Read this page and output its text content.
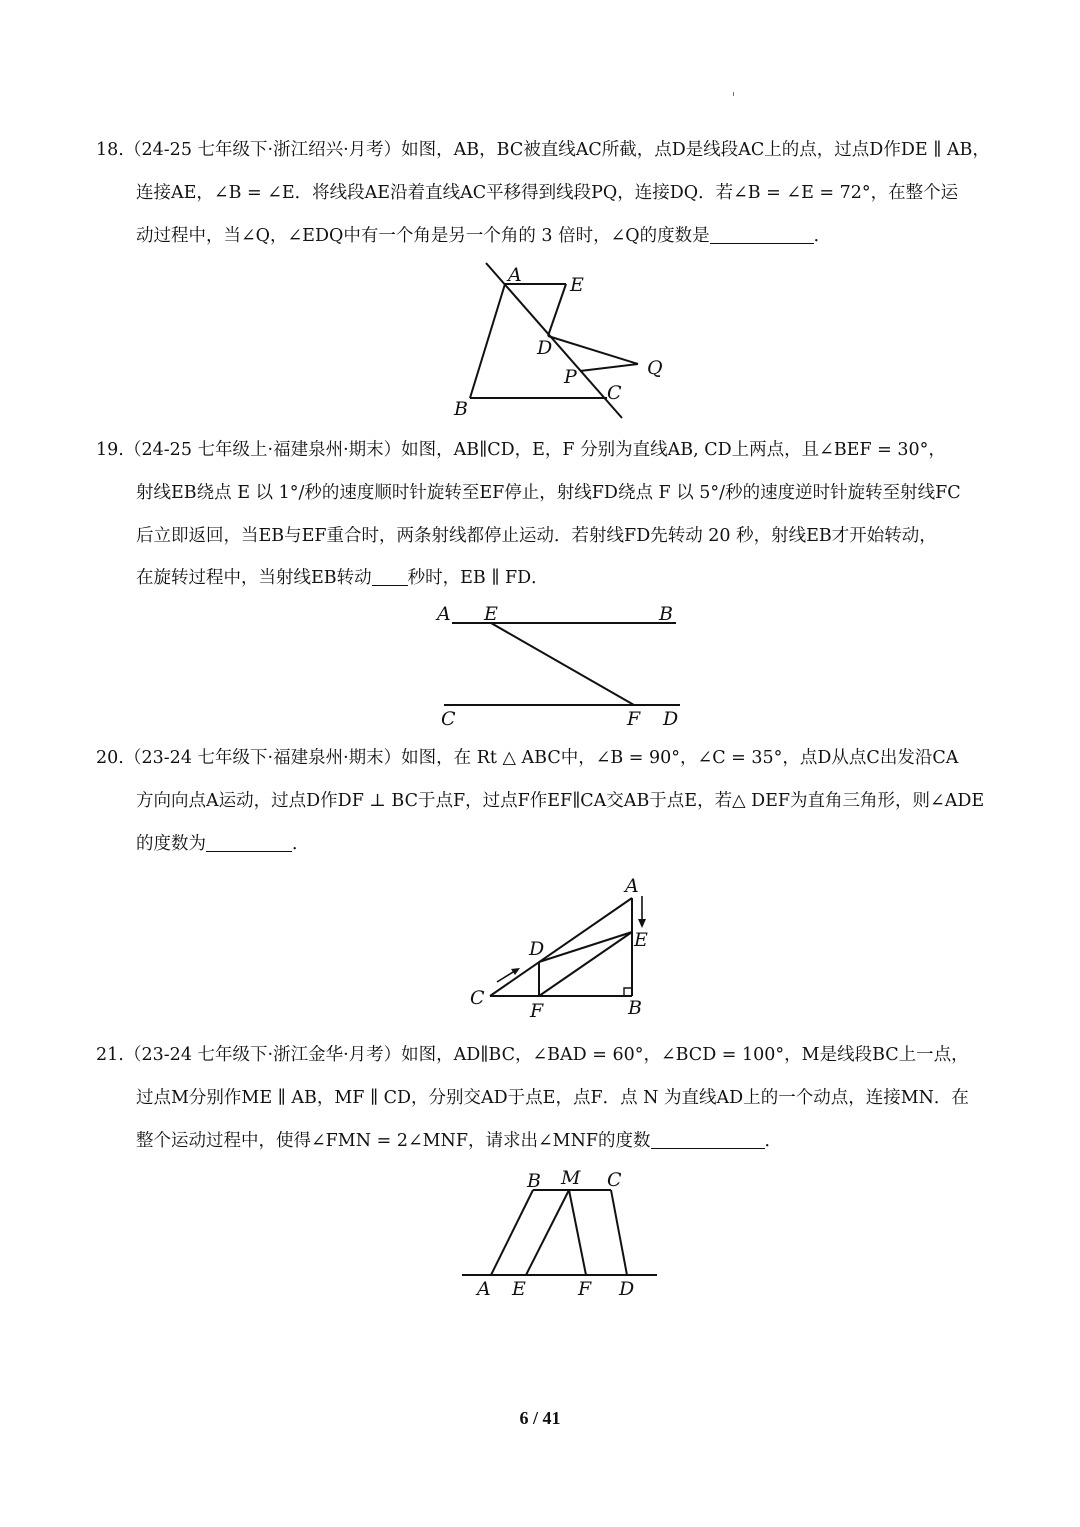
18. （24-25 七年级下·浙江绍兴·月考）如图，AB，BC被直线AC所截，点D是线段AC上的点，过点D作DE ∥ AB，
连接AE，∠B = ∠E．将线段AE沿着直线AC平移得到线段PQ，连接DQ．若∠B = ∠E = 72°，在整个运
动过程中，当∠Q，∠EDQ中有一个角是另一个角的 3 倍时，∠Q的度数是	．
A	E
D
Q
P
C
B
19. （24-25 七年级上·福建泉州·期末）如图，AB∥CD，E，F 分别为直线AB, CD上两点，且∠BEF = 30°，
射线EB绕点 E 以 1°/秒的速度顺时针旋转至EF停止，射线FD绕点 F 以 5°/秒的速度逆时针旋转至射线FC
后立即返回，当EB与EF重合时，两条射线都停止运动．若射线FD先转动 20 秒，射线EB才开始转动，
在旋转过程中，当射线EB转动 秒时，EB ∥ FD．
A E	B
C	F D
20. （23-24 七年级下·福建泉州·期末）如图，在 Rt △ ABC中，∠B = 90°，∠C = 35°，点D从点C出发沿CA
方向向点A运动，过点D作DF ⊥ BC于点F，过点F作EF∥CA交AB于点E，若△ DEF为直角三角形，则∠ADE
的度数为	．
A
D	E
C
F	B
21. （23-24 七年级下·浙江金华·月考）如图，AD∥BC，∠BAD = 60°，∠BCD = 100°，M是线段BC上一点，
过点M分别作ME ∥ AB，MF ∥ CD，分别交AD于点E，点F．点 N 为直线AD上的一个动点，连接MN．在
整个运动过程中，使得∠FMN = 2∠MNF，请求出∠MNF的度数	．
B M C
A E	F D
6 / 41
